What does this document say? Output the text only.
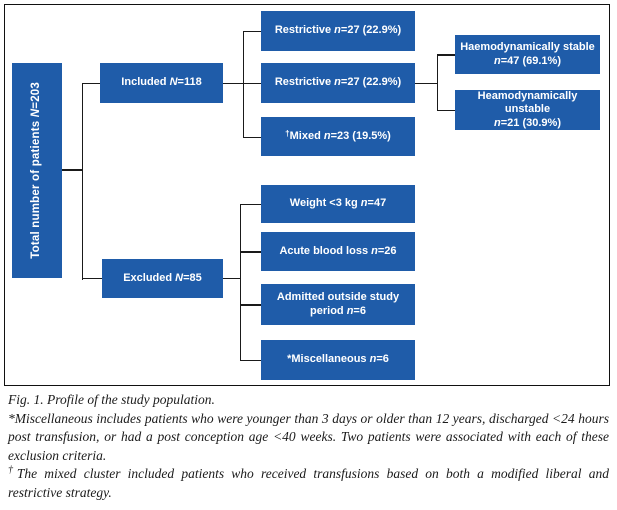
Total number of patients N=203	Included N=118
Excluded N=85
Restrictive n=27 (22.9%)
Restrictive n=27 (22.9%)
†Mixed n=23 (19.5%)
Haemodynamically stable
n=47 (69.1%)
Heamodynamically unstable
n=21 (30.9%)
Weight <3 kg n=47
Acute blood loss n=26
Admitted outside study
period n=6
*Miscellaneous n=6

Fig. 1. Profile of the study population.

*Miscellaneous includes patients who were younger than 3 days or older than 12 years, discharged <24 hours post transfusion, or had a post conception age <40 weeks. Two patients were associated with each of these exclusion criteria.

†The mixed cluster included patients who received transfusions based on both a modified liberal and restrictive strategy.
